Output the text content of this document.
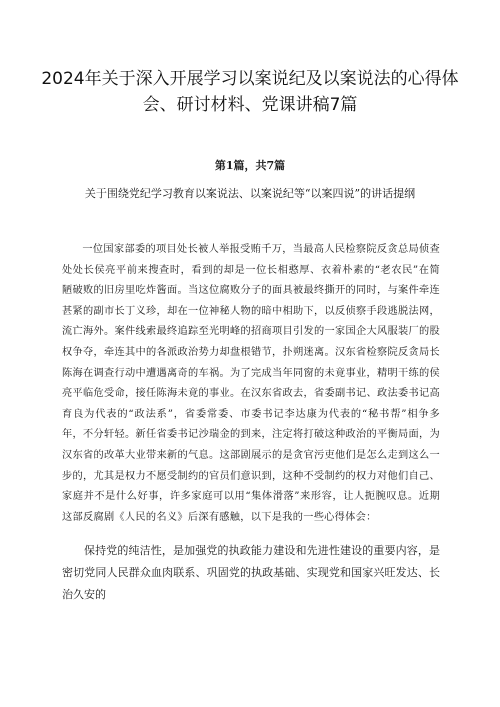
2024年关于深入开展学习以案说纪及以案说法的心得体会、研讨材料、党课讲稿7篇
第1篇，共7篇
关于围绕党纪学习教育以案说法、以案说纪等“以案四说”的讲话提纲

一位国家部委的项目处长被人举报受贿千万，当最高人民检察院反贪总局侦查处处长侯亮平前来搜查时，看到的却是一位长相憨厚、衣着朴素的“老农民”在简陋破败的旧房里吃炸酱面。当这位腐败分子的面具被最终撕开的同时，与案件牵连甚紧的副市长丁义珍，却在一位神秘人物的暗中相助下，以反侦察手段逃脱法网，流亡海外。案件线索最终追踪至光明峰的招商项目引发的一家国企大风服装厂的股权争夺，牵连其中的各派政治势力却盘根错节，扑朔迷离。汉东省检察院反贪局长陈海在调查行动中遭遇离奇的车祸。为了完成当年同窗的未竟事业，精明干练的侯亮平临危受命，接任陈海未竟的事业。在汉东省政去，省委副书记、政法委书记高育良为代表的“政法系”，省委常委、市委书记李达康为代表的“秘书帮”相争多年，不分轩轻。新任省委书记沙瑞金的到来，注定将打破这种政治的平衡局面，为汉东省的改革大业带来新的气息。这部剧展示的是贪官污吏他们是怎么走到这么一步的，尤其是权力不愿受制约的官员们意识到，这种不受制约的权力对他们自己、家庭并不是什么好事，许多家庭可以用“集体滑落”来形容，让人扼腕叹息。近期这部反腐剧《人民的名义》后深有感触，以下是我的一些心得体会：

保持党的纯洁性，是加强党的执政能力建设和先进性建设的重要内容，是密切党同人民群众血肉联系、巩固党的执政基础、实现党和国家兴旺发达、长治久安的
